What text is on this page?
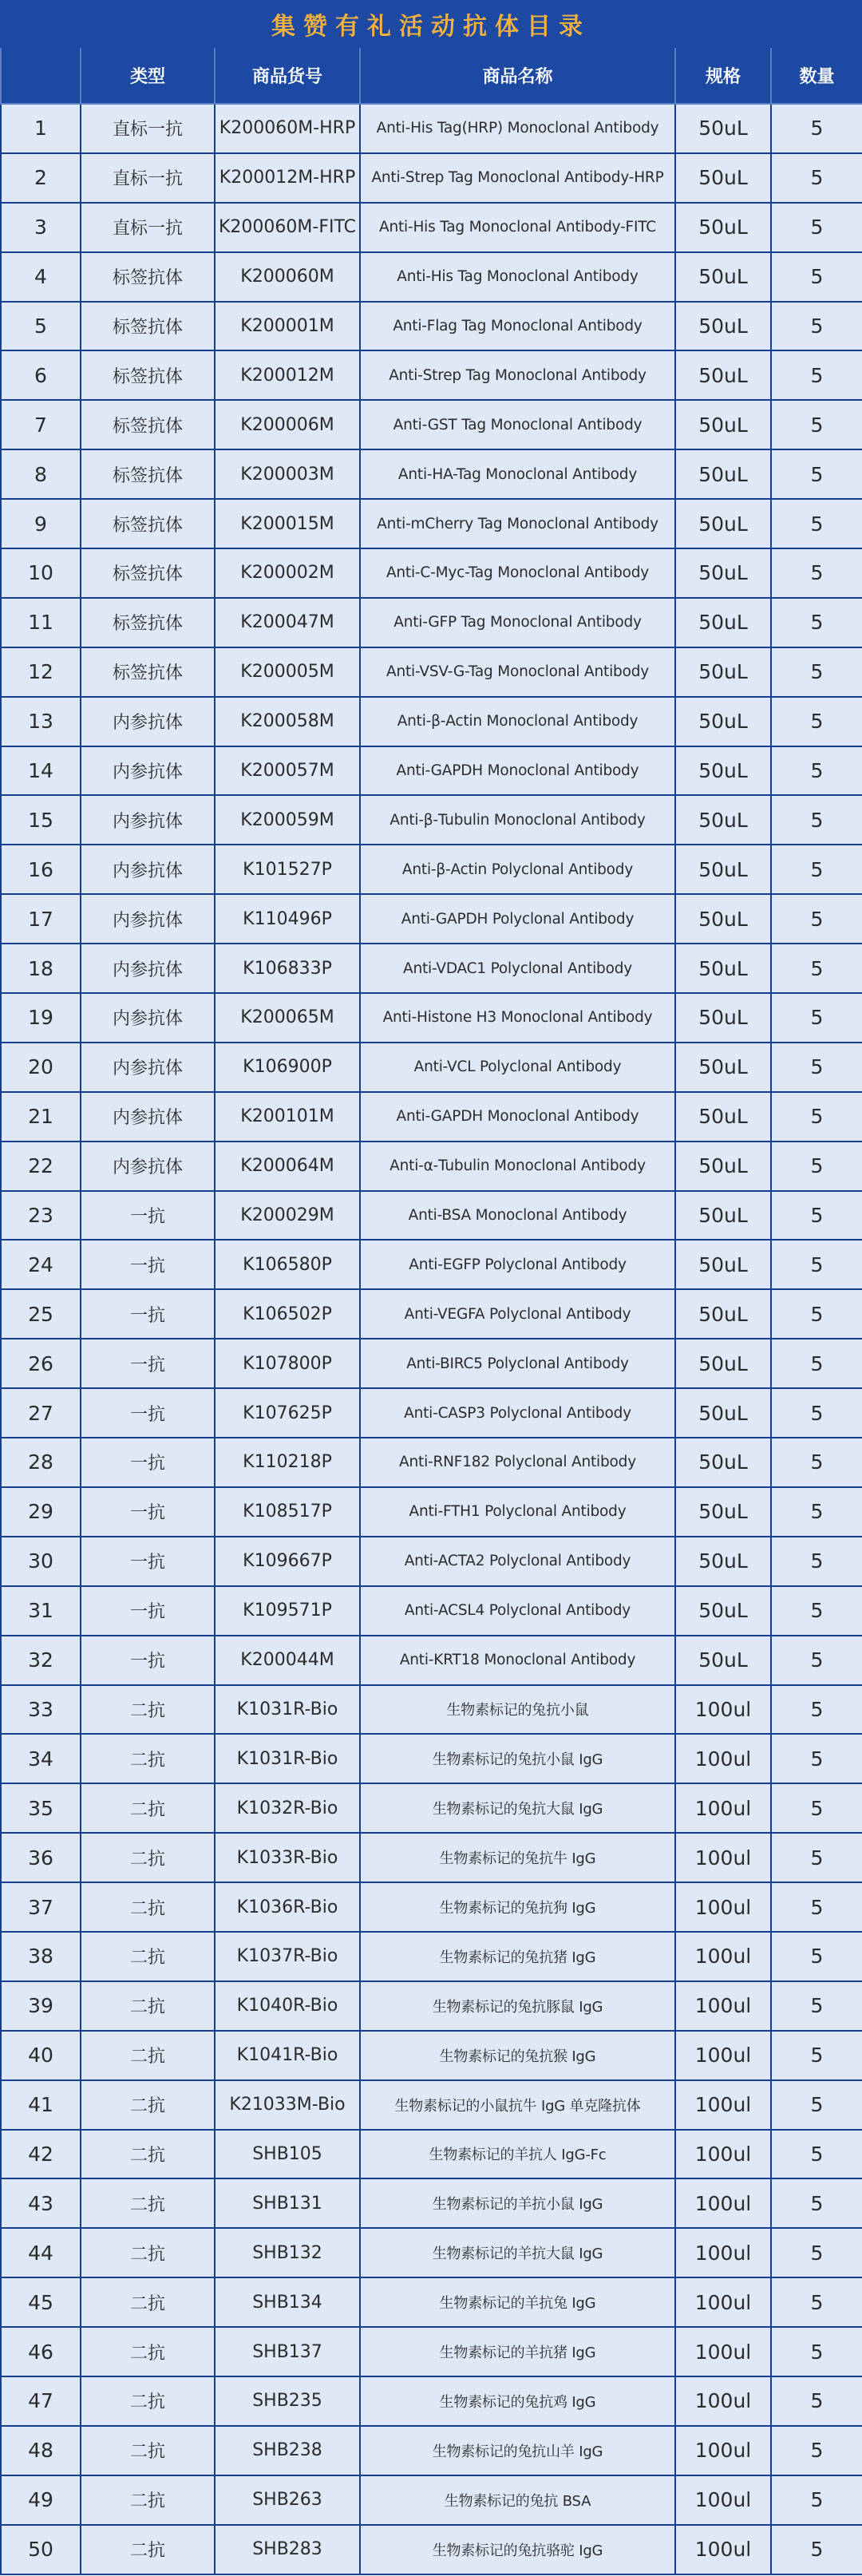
集赞有礼活动抗体目录
	类型	商品货号	商品名称	规格	数量
1	直标一抗	K200060M-HRP	Anti-His Tag(HRP) Monoclonal Antibody	50uL	5
2	直标一抗	K200012M-HRP	Anti-Strep Tag Monoclonal Antibody-HRP	50uL	5
3	直标一抗	K200060M-FITC	Anti-His Tag Monoclonal Antibody-FITC	50uL	5
4	标签抗体	K200060M	Anti-His Tag Monoclonal Antibody	50uL	5
5	标签抗体	K200001M	Anti-Flag Tag Monoclonal Antibody	50uL	5
6	标签抗体	K200012M	Anti-Strep Tag Monoclonal Antibody	50uL	5
7	标签抗体	K200006M	Anti-GST Tag Monoclonal Antibody	50uL	5
8	标签抗体	K200003M	Anti-HA-Tag Monoclonal Antibody	50uL	5
9	标签抗体	K200015M	Anti-mCherry Tag Monoclonal Antibody	50uL	5
10	标签抗体	K200002M	Anti-C-Myc-Tag Monoclonal Antibody	50uL	5
11	标签抗体	K200047M	Anti-GFP Tag Monoclonal Antibody	50uL	5
12	标签抗体	K200005M	Anti-VSV-G-Tag Monoclonal Antibody	50uL	5
13	内参抗体	K200058M	Anti-β-Actin Monoclonal Antibody	50uL	5
14	内参抗体	K200057M	Anti-GAPDH Monoclonal Antibody	50uL	5
15	内参抗体	K200059M	Anti-β-Tubulin Monoclonal Antibody	50uL	5
16	内参抗体	K101527P	Anti-β-Actin Polyclonal Antibody	50uL	5
17	内参抗体	K110496P	Anti-GAPDH Polyclonal Antibody	50uL	5
18	内参抗体	K106833P	Anti-VDAC1 Polyclonal Antibody	50uL	5
19	内参抗体	K200065M	Anti-Histone H3 Monoclonal Antibody	50uL	5
20	内参抗体	K106900P	Anti-VCL Polyclonal Antibody	50uL	5
21	内参抗体	K200101M	Anti-GAPDH Monoclonal Antibody	50uL	5
22	内参抗体	K200064M	Anti-α-Tubulin Monoclonal Antibody	50uL	5
23	一抗	K200029M	Anti-BSA Monoclonal Antibody	50uL	5
24	一抗	K106580P	Anti-EGFP Polyclonal Antibody	50uL	5
25	一抗	K106502P	Anti-VEGFA Polyclonal Antibody	50uL	5
26	一抗	K107800P	Anti-BIRC5 Polyclonal Antibody	50uL	5
27	一抗	K107625P	Anti-CASP3 Polyclonal Antibody	50uL	5
28	一抗	K110218P	Anti-RNF182 Polyclonal Antibody	50uL	5
29	一抗	K108517P	Anti-FTH1 Polyclonal Antibody	50uL	5
30	一抗	K109667P	Anti-ACTA2 Polyclonal Antibody	50uL	5
31	一抗	K109571P	Anti-ACSL4 Polyclonal Antibody	50uL	5
32	一抗	K200044M	Anti-KRT18 Monoclonal Antibody	50uL	5
33	二抗	K1031R-Bio	生物素标记的兔抗小鼠	100ul	5
34	二抗	K1031R-Bio	生物素标记的兔抗小鼠 IgG	100ul	5
35	二抗	K1032R-Bio	生物素标记的兔抗大鼠 IgG	100ul	5
36	二抗	K1033R-Bio	生物素标记的兔抗牛 IgG	100ul	5
37	二抗	K1036R-Bio	生物素标记的兔抗狗 IgG	100ul	5
38	二抗	K1037R-Bio	生物素标记的兔抗猪 IgG	100ul	5
39	二抗	K1040R-Bio	生物素标记的兔抗豚鼠 IgG	100ul	5
40	二抗	K1041R-Bio	生物素标记的兔抗猴 IgG	100ul	5
41	二抗	K21033M-Bio	生物素标记的小鼠抗牛 IgG 单克隆抗体	100ul	5
42	二抗	SHB105	生物素标记的羊抗人 IgG-Fc	100ul	5
43	二抗	SHB131	生物素标记的羊抗小鼠 IgG	100ul	5
44	二抗	SHB132	生物素标记的羊抗大鼠 IgG	100ul	5
45	二抗	SHB134	生物素标记的羊抗兔 IgG	100ul	5
46	二抗	SHB137	生物素标记的羊抗猪 IgG	100ul	5
47	二抗	SHB235	生物素标记的兔抗鸡 IgG	100ul	5
48	二抗	SHB238	生物素标记的兔抗山羊 IgG	100ul	5
49	二抗	SHB263	生物素标记的兔抗 BSA	100ul	5
50	二抗	SHB283	生物素标记的兔抗骆驼 IgG	100ul	5
